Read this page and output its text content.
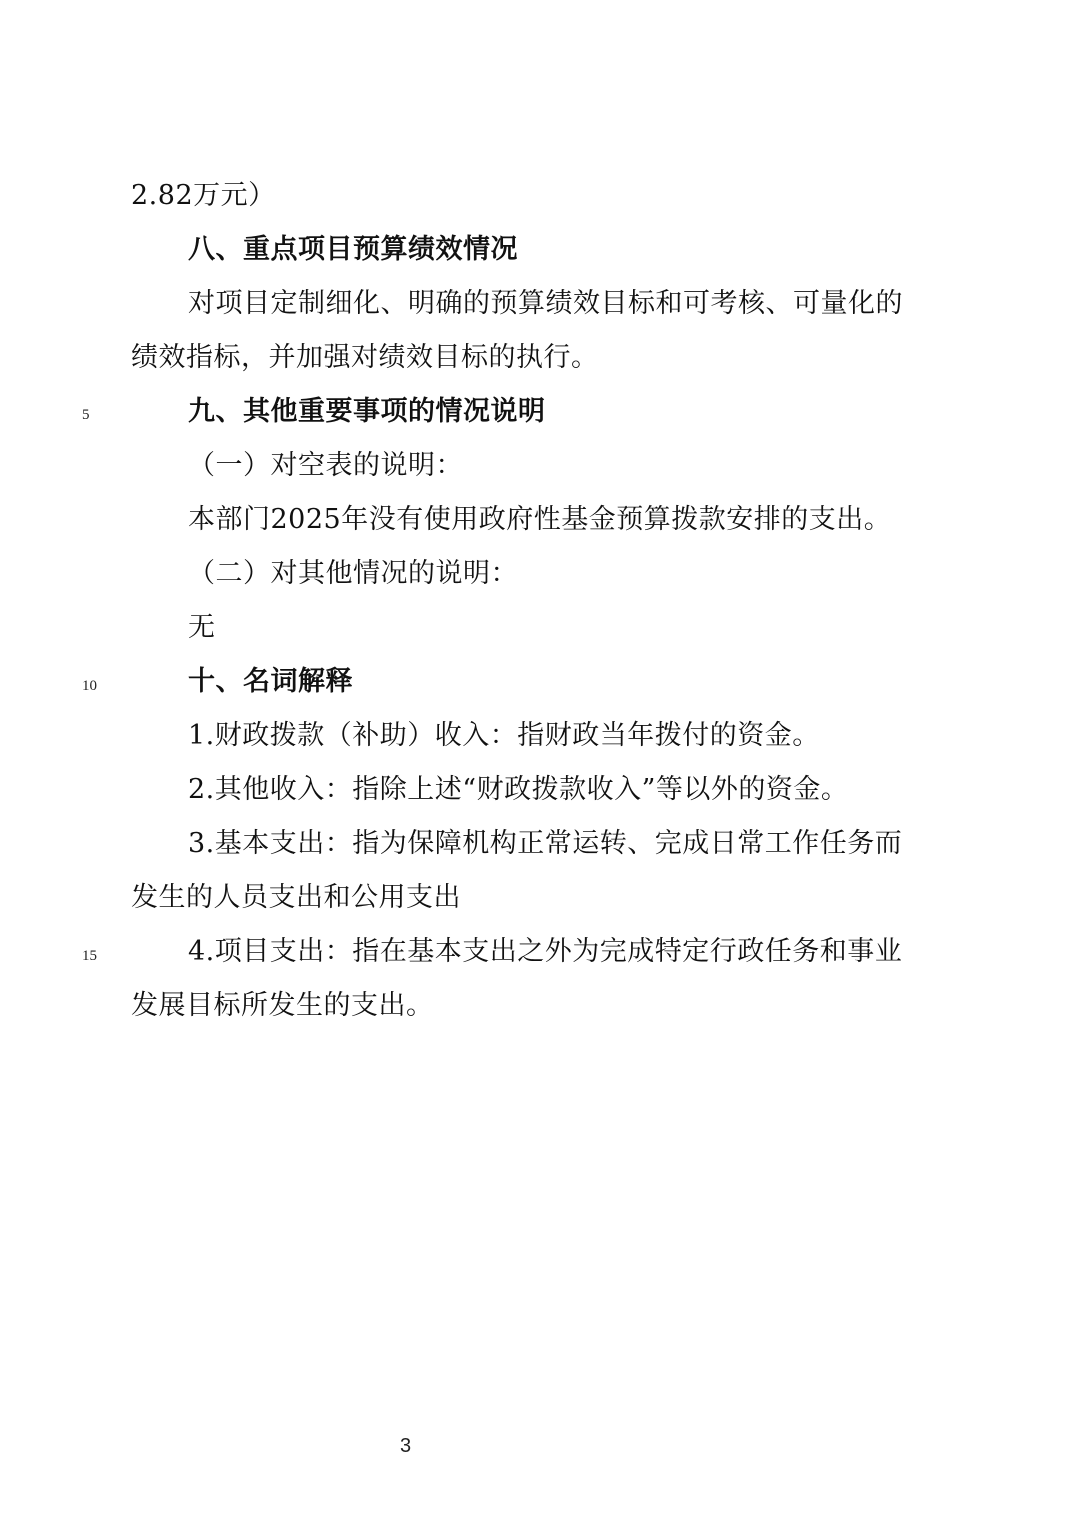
2.82万元）
八、重点项目预算绩效情况
对项目定制细化、明确的预算绩效目标和可考核、可量化的
绩效指标，并加强对绩效目标的执行。
5	九、其他重要事项的情况说明
（一）对空表的说明：
本部门2025年没有使用政府性基金预算拨款安排的支出。
（二）对其他情况的说明：
无
10	十、名词解释
1.财政拨款（补助）收入：指财政当年拨付的资金。
2.其他收入：指除上述“财政拨款收入”等以外的资金。
3.基本支出：指为保障机构正常运转、完成日常工作任务而
发生的人员支出和公用支出
15	4.项目支出：指在基本支出之外为完成特定行政任务和事业
发展目标所发生的支出。
3
